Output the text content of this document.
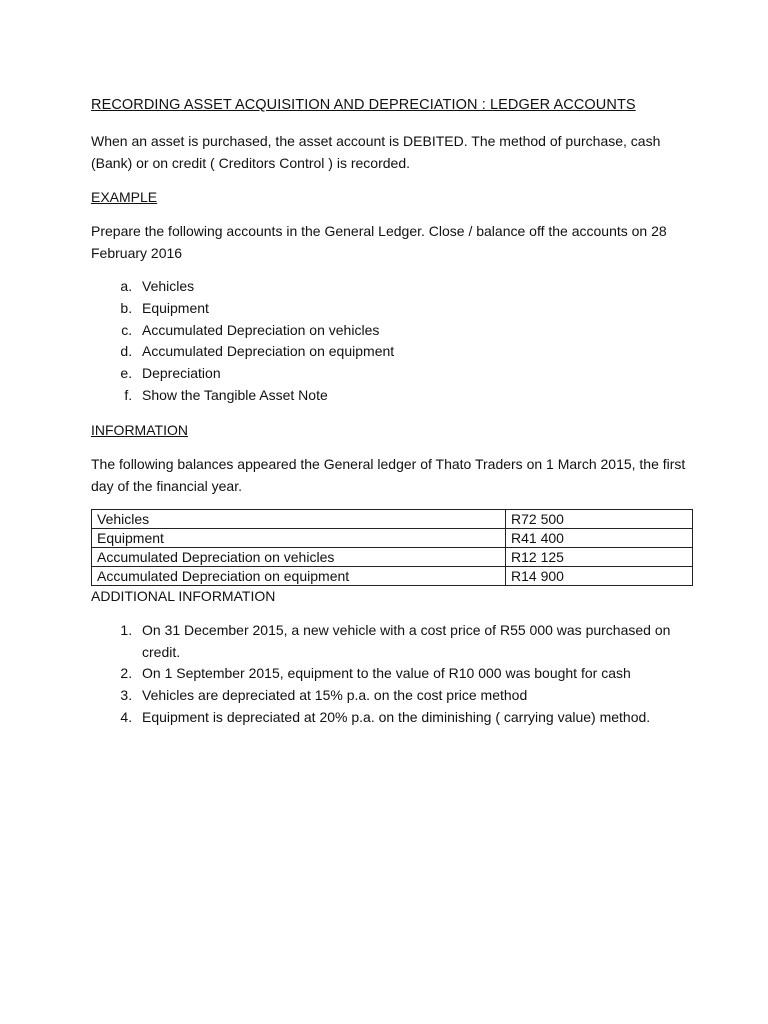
RECORDING ASSET ACQUISITION AND DEPRECIATION : LEDGER ACCOUNTS

When an asset is purchased, the asset account is DEBITED. The method of purchase, cash (Bank) or on credit ( Creditors Control ) is recorded.

EXAMPLE

Prepare the following accounts in the General Ledger. Close / balance off the accounts on 28 February 2016

a. Vehicles
b. Equipment
c. Accumulated Depreciation on vehicles
d. Accumulated Depreciation on equipment
e. Depreciation
f. Show the Tangible Asset Note
INFORMATION

The following balances appeared the General ledger of Thato Traders on 1 March 2015, the first day of the financial year.

Vehicles	R72 500
Equipment	R41 400
Accumulated Depreciation on vehicles	R12 125
Accumulated Depreciation on equipment	R14 900
ADDITIONAL INFORMATION
1. On 31 December 2015, a new vehicle with a cost price of R55 000 was purchased on credit.
2. On 1 September 2015, equipment to the value of R10 000 was bought for cash
3. Vehicles are depreciated at 15% p.a. on the cost price method
4. Equipment is depreciated at 20% p.a. on the diminishing ( carrying value) method.
